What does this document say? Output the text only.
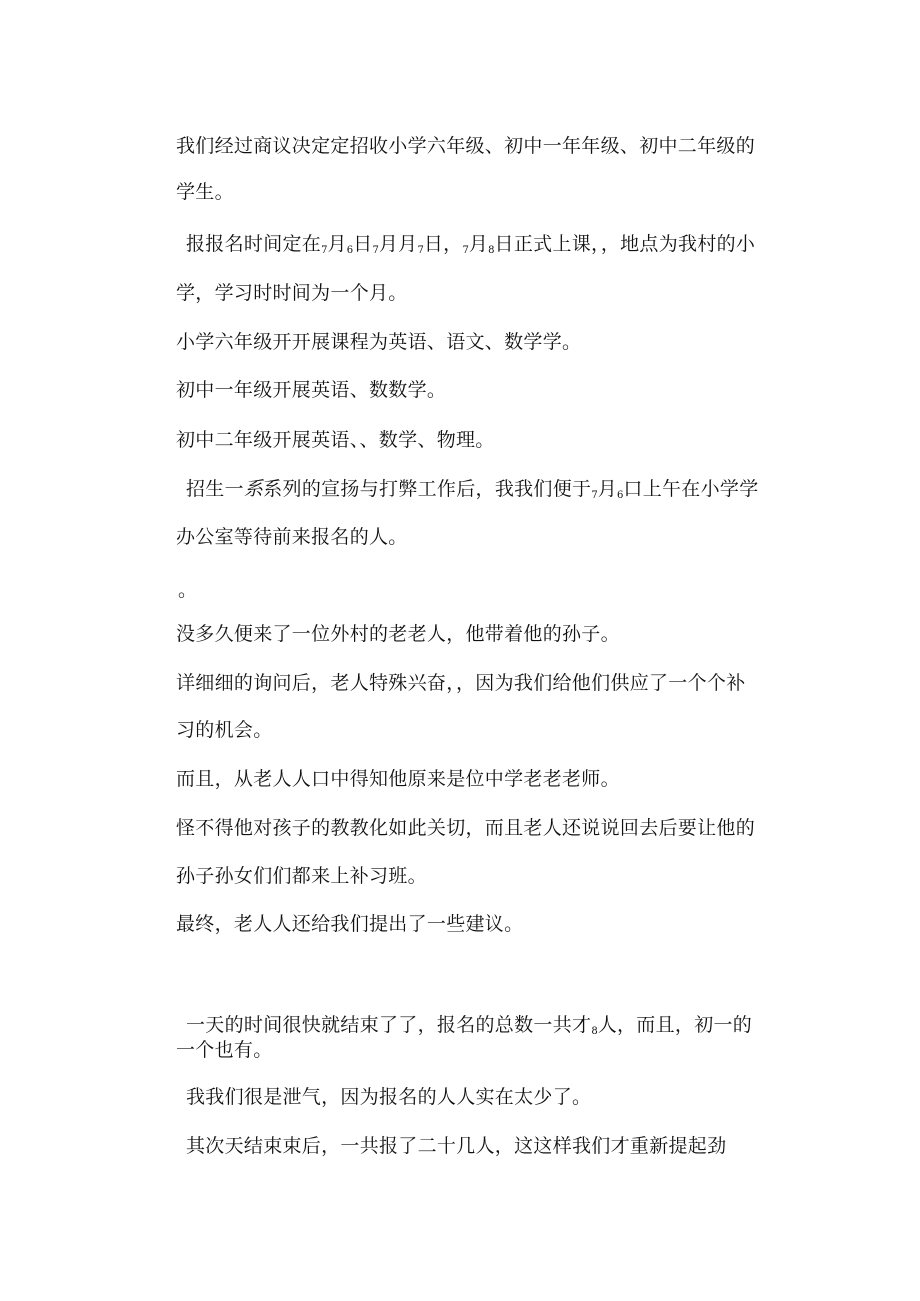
我们经过商议决定定招收小学六年级、初中一年年级、初中二年级的
学生。
报报名时间定在$_7$月$_6$日$_7$月月$_7$日，$_7$月$_8$日正式上课，，地点为我村的小
学，学习时时间为一个月。
小学六年级开开展课程为英语、语文、数学学。
初中一年级开展英语、数数学。
初中二年级开展英语、、数学、物理。
招生一系系列的宣扬与打弊工作后，我我们便于$_7$月$_6$口上午在小学学
办公室等待前来报名的人。
。
没多久便来了一位外村的老老人，他带着他的孙子。
详细细的询问后，老人特殊兴奋，，因为我们给他们供应了一个个补
习的机会。
而且，从老人人口中得知他原来是位中学老老老师。
怪不得他对孩子的教教化如此关切，而且老人还说说回去后要让他的
孙子孙女们们都来上补习班。
最终，老人人还给我们提出了一些建议。
一天的时间很快就结束了了，报名的总数一共才$_8$人，而且，初一的
一个也有。
我我们很是泄气，因为报名的人人实在太少了。
其次天结束束后，一共报了二十几人，这这样我们才重新提起劲
